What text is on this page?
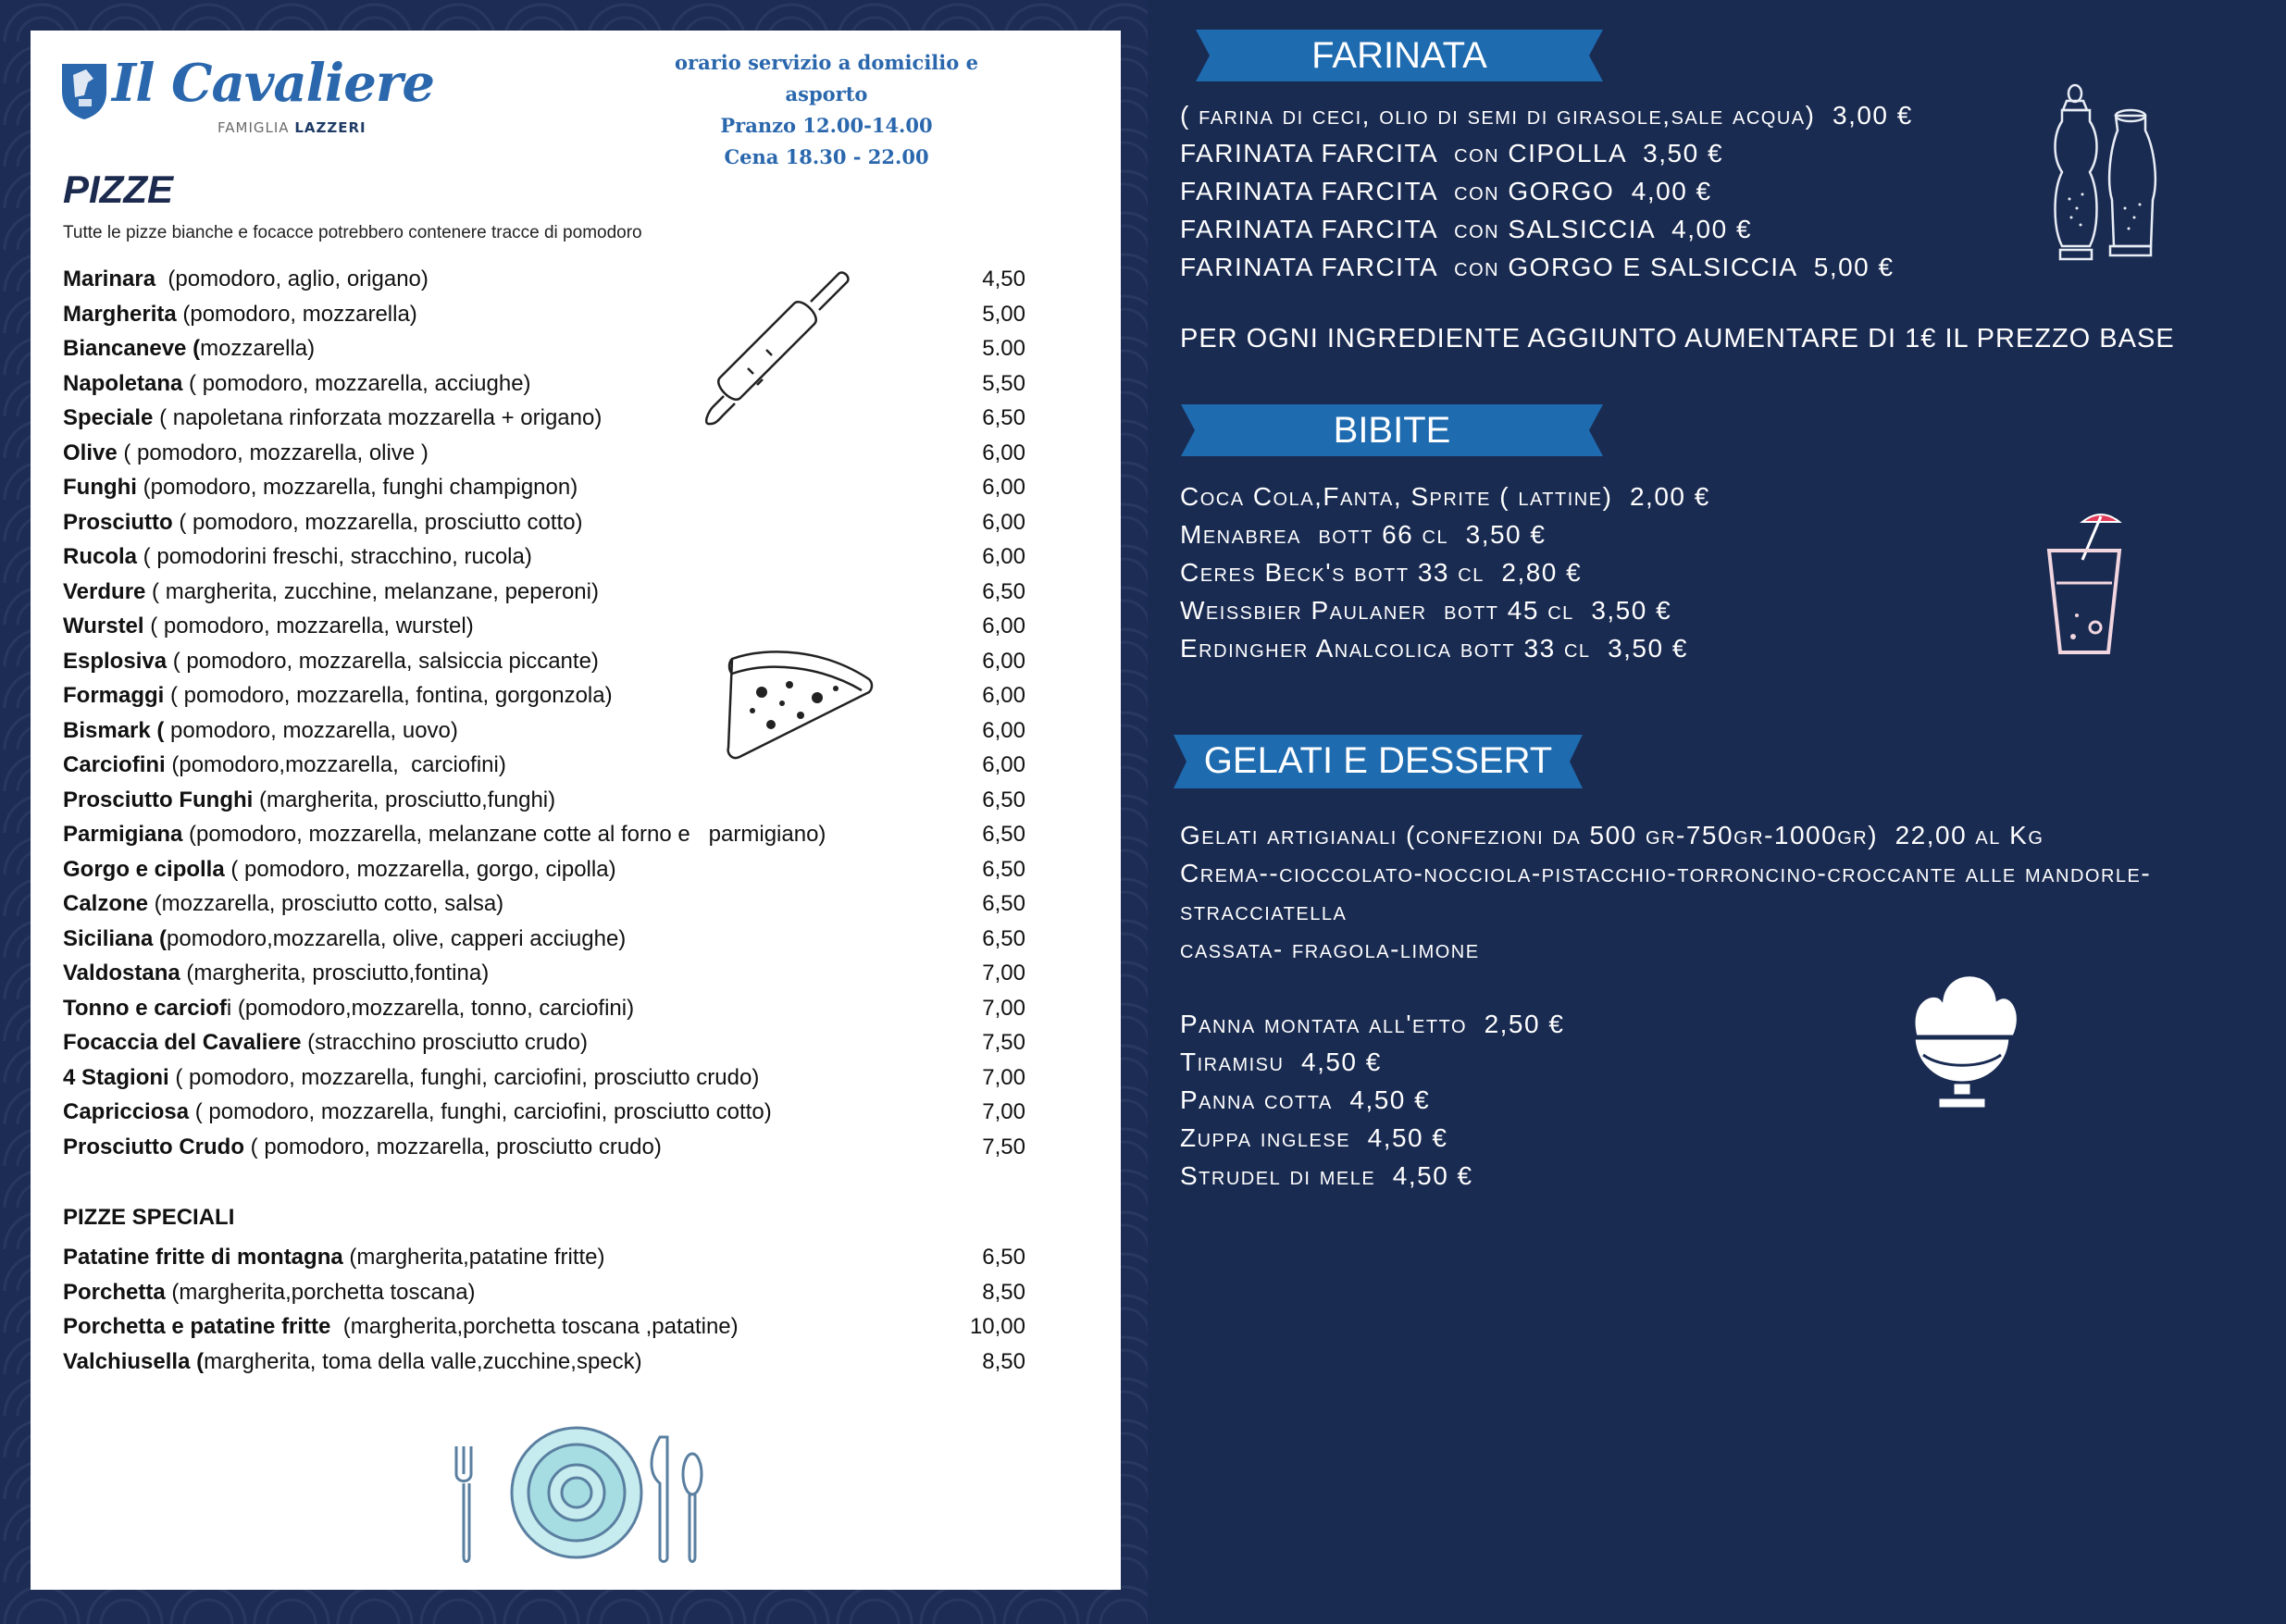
FARINATA
( farina di ceci, olio di semi di girasole,sale acqua)  3,00 €
FARINATA FARCITA  con CIPOLLA  3,50 €
FARINATA FARCITA  con GORGO  4,00 €
FARINATA FARCITA  con SALSICCIA  4,00 €
FARINATA FARCITA  con GORGO E SALSICCIA  5,00 €
PER OGNI INGREDIENTE AGGIUNTO AUMENTARE DI 1€ IL PREZZO BASE
BIBITE
Coca Cola,Fanta, Sprite ( lattine)  2,00 €
Menabrea  bott 66 cl  3,50 €
Ceres Beck's bott 33 cl  2,80 €
Weissbier Paulaner  bott 45 cl  3,50 €
Erdingher Analcolica bott 33 cl  3,50 €
GELATI E DESSERT
Gelati artigianali (confezioni da 500 gr-750gr-1000gr)  22,00 al Kg
Crema--cioccolato-nocciola-pistacchio-torroncino-croccante alle mandorle-
stracciatella
cassata- fragola-limone
Panna montata all'etto  2,50 €
Tiramisu  4,50 €
Panna cotta  4,50 €
Zuppa inglese  4,50 €
Strudel di mele  4,50 €
Il Cavaliere
FAMIGLIA LAZZERI
orario servizio a domicilio e asporto
Pranzo 12.00-14.00
Cena 18.30 - 22.00
PIZZE
Tutte le pizze bianche e focacce potrebbero contenere tracce di pomodoro
Marinara  (pomodoro, aglio, origano)	4,50
Margherita (pomodoro, mozzarella)	5,00
Biancaneve (mozzarella)	5.00
Napoletana ( pomodoro, mozzarella, acciughe)	5,50
Speciale ( napoletana rinforzata mozzarella + origano)	6,50
Olive ( pomodoro, mozzarella, olive )	6,00
Funghi (pomodoro, mozzarella, funghi champignon)	6,00
Prosciutto ( pomodoro, mozzarella, prosciutto cotto)	6,00
Rucola ( pomodorini freschi, stracchino, rucola)	6,00
Verdure ( margherita, zucchine, melanzane, peperoni)	6,50
Wurstel ( pomodoro, mozzarella, wurstel)	6,00
Esplosiva ( pomodoro, mozzarella, salsiccia piccante)	6,00
Formaggi ( pomodoro, mozzarella, fontina, gorgonzola)	6,00
Bismark ( pomodoro, mozzarella, uovo)	6,00
Carciofini (pomodoro,mozzarella,  carciofini)	6,00
Prosciutto Funghi (margherita, prosciutto,funghi)	6,50
Parmigiana (pomodoro, mozzarella, melanzane cotte al forno e   parmigiano)	6,50
Gorgo e cipolla ( pomodoro, mozzarella, gorgo, cipolla)	6,50
Calzone (mozzarella, prosciutto cotto, salsa)	6,50
Siciliana (pomodoro,mozzarella, olive, capperi acciughe)	6,50
Valdostana (margherita, prosciutto,fontina)	7,00
Tonno e carciofi (pomodoro,mozzarella, tonno, carciofini)	7,00
Focaccia del Cavaliere (stracchino prosciutto crudo)	7,50
4 Stagioni ( pomodoro, mozzarella, funghi, carciofini, prosciutto crudo)	7,00
Capricciosa ( pomodoro, mozzarella, funghi, carciofini, prosciutto cotto)	7,00
Prosciutto Crudo ( pomodoro, mozzarella, prosciutto crudo)	7,50
PIZZE SPECIALI
Patatine fritte di montagna (margherita,patatine fritte)	6,50
Porchetta (margherita,porchetta toscana)	8,50
Porchetta e patatine fritte  (margherita,porchetta toscana ,patatine)	10,00
Valchiusella (margherita, toma della valle,zucchine,speck)	8,50
